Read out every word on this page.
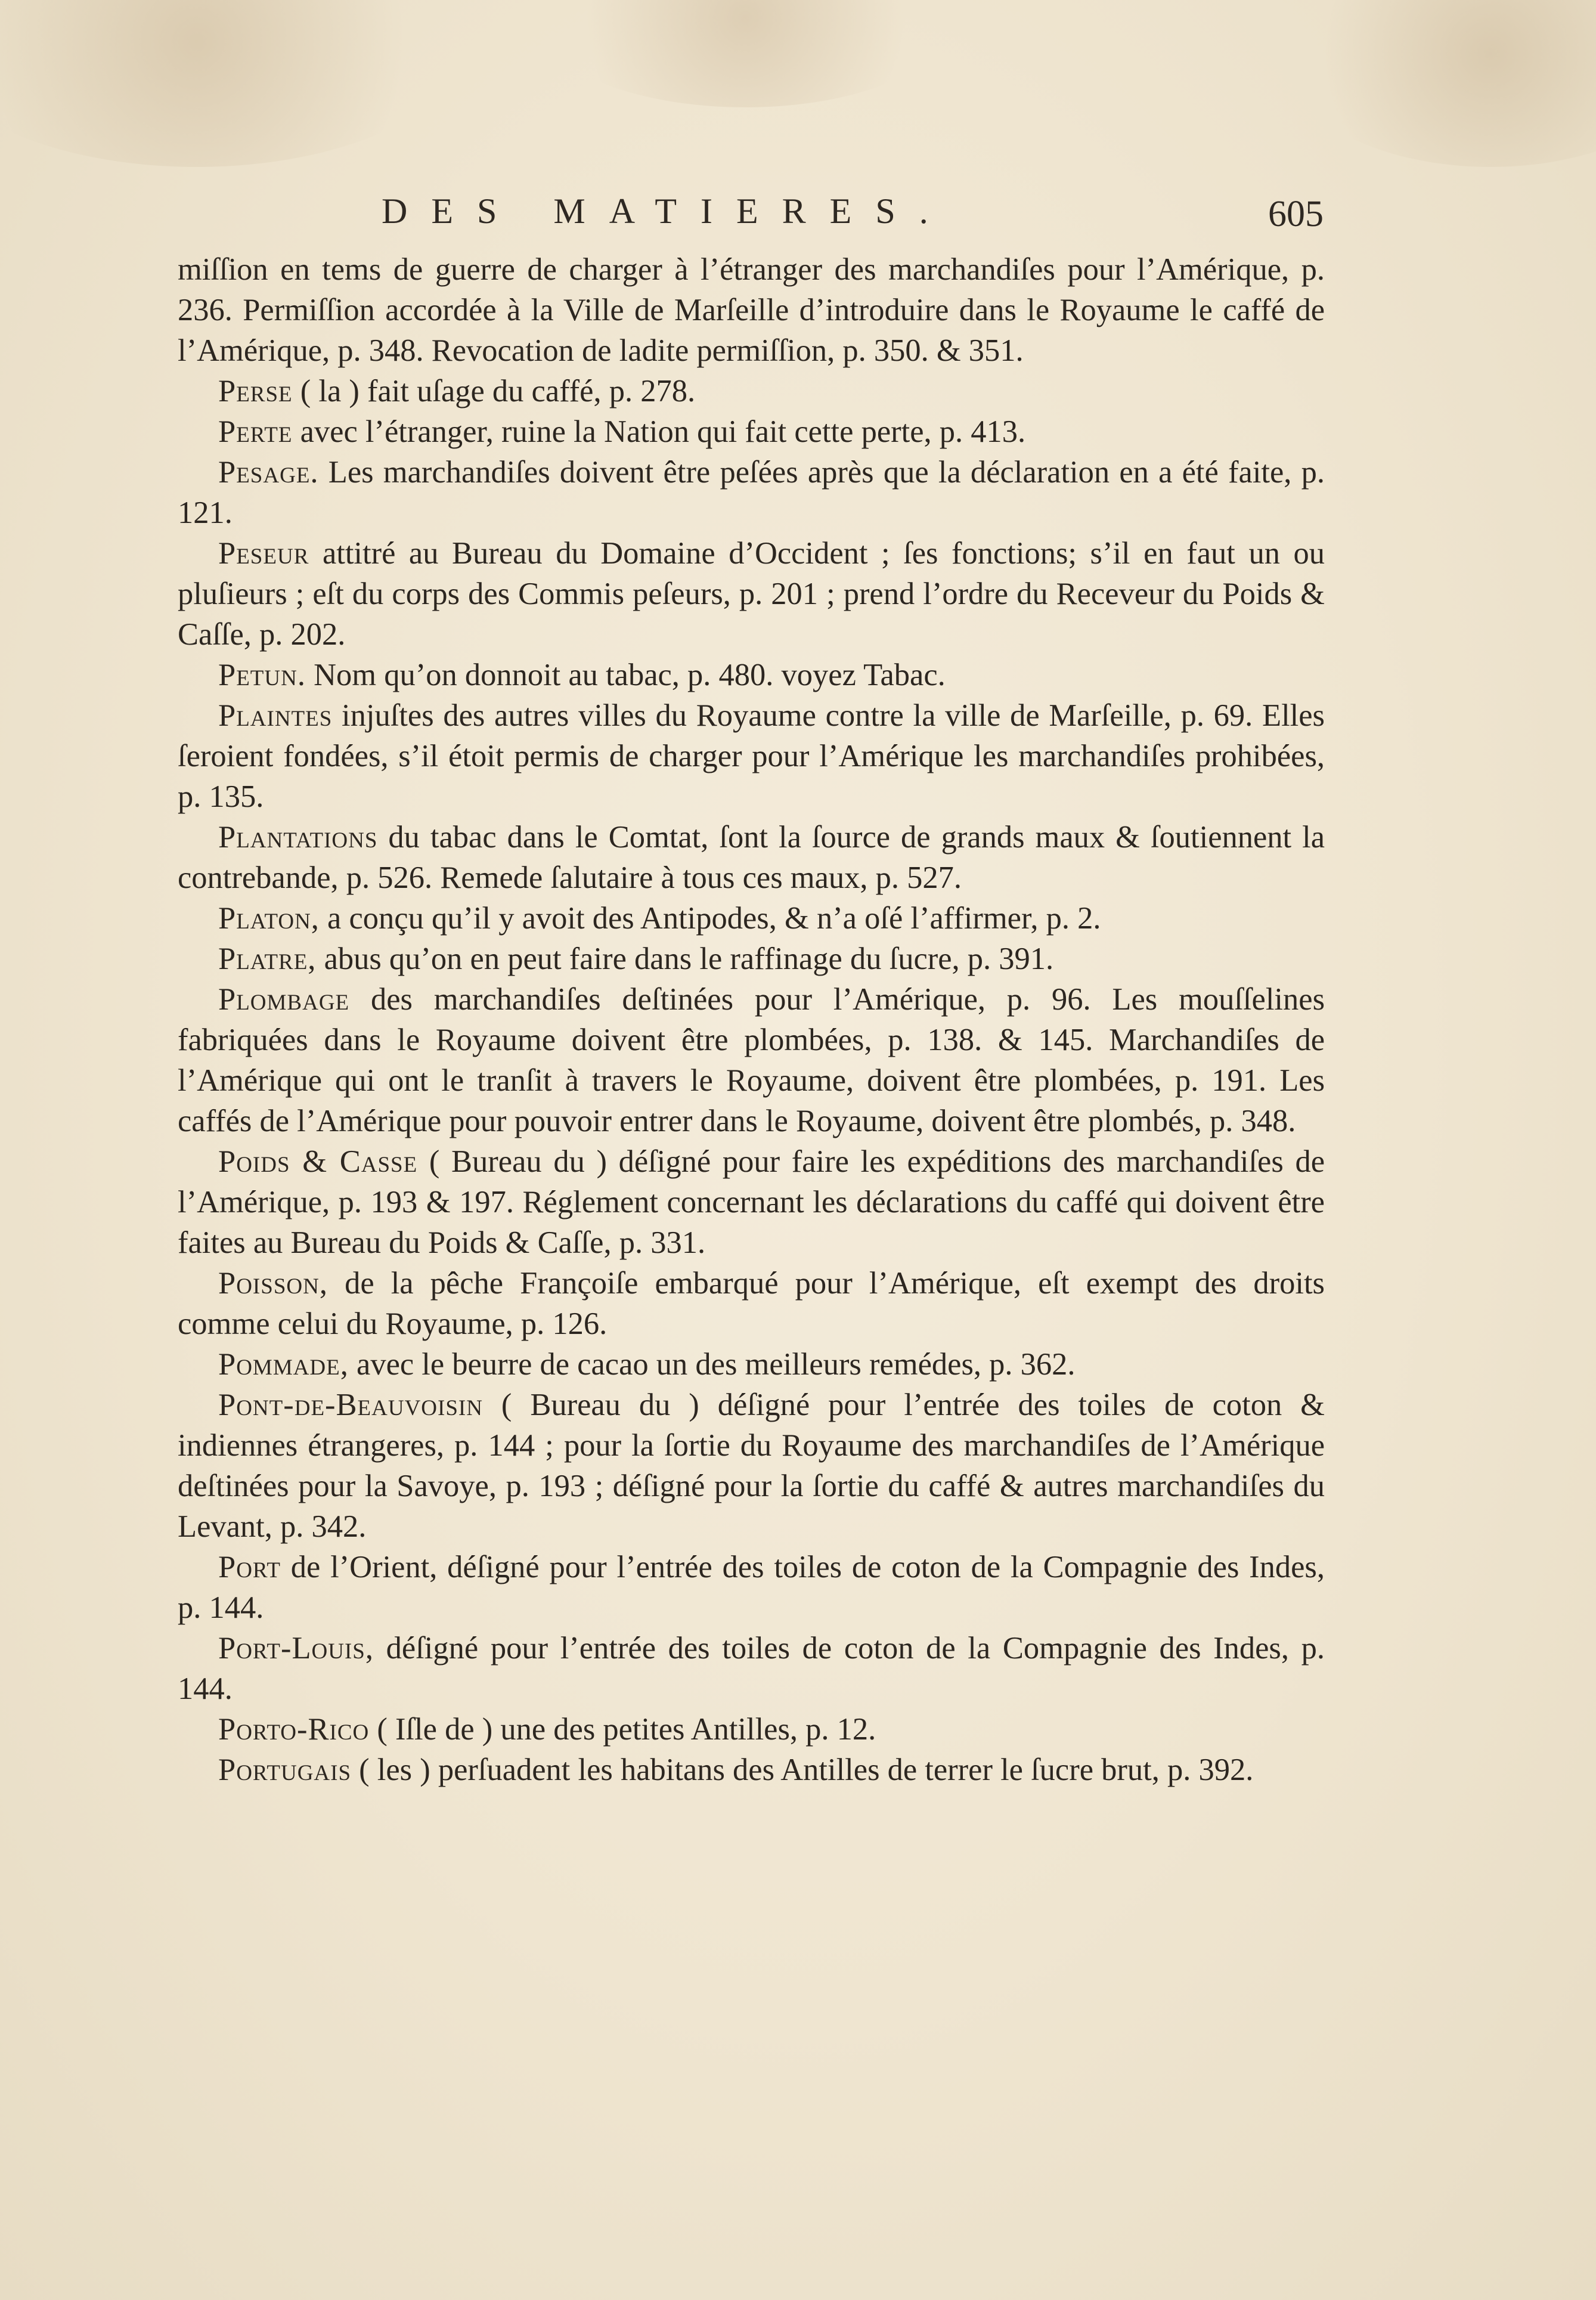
DES MATIERES.	605

miſſion en tems de guerre de charger à l’étranger des marchandiſes pour l’Amérique, p. 236. Permiſſion accordée à la Ville de Marſeille d’introduire dans le Royaume le caffé de l’Amérique, p. 348. Revocation de ladite permiſſion, p. 350. & 351.

Perse ( la ) fait uſage du caffé, p. 278.

Perte avec l’étranger, ruine la Nation qui fait cette perte, p. 413.

Pesage. Les marchandiſes doivent être peſées après que la déclaration en a été faite, p. 121.

Peseur attitré au Bureau du Domaine d’Occident ; ſes fonctions; s’il en faut un ou pluſieurs ; eſt du corps des Commis peſeurs, p. 201 ; prend l’ordre du Receveur du Poids & Caſſe, p. 202.

Petun. Nom qu’on donnoit au tabac, p. 480. voyez Tabac.

Plaintes injuſtes des autres villes du Royaume contre la ville de Marſeille, p. 69. Elles ſeroient fondées, s’il étoit permis de charger pour l’Amérique les marchandiſes prohibées, p. 135.

Plantations du tabac dans le Comtat, ſont la ſource de grands maux & ſoutiennent la contrebande, p. 526. Remede ſalutaire à tous ces maux, p. 527.

Platon, a conçu qu’il y avoit des Antipodes, & n’a oſé l’affirmer, p. 2.

Platre, abus qu’on en peut faire dans le raffinage du ſucre, p. 391.

Plombage des marchandiſes deſtinées pour l’Amérique, p. 96. Les mouſſelines fabriquées dans le Royaume doivent être plombées, p. 138. & 145. Marchandiſes de l’Amérique qui ont le tranſit à travers le Royaume, doivent être plombées, p. 191. Les caffés de l’Amérique pour pouvoir entrer dans le Royaume, doivent être plombés, p. 348.

Poids & Casse ( Bureau du ) déſigné pour faire les expéditions des marchandiſes de l’Amérique, p. 193 & 197. Réglement concernant les déclarations du caffé qui doivent être faites au Bureau du Poids & Caſſe, p. 331.

Poisson, de la pêche Françoiſe embarqué pour l’Amérique, eſt exempt des droits comme celui du Royaume, p. 126.

Pommade, avec le beurre de cacao un des meilleurs remédes, p. 362.

Pont-de-Beauvoisin ( Bureau du ) déſigné pour l’entrée des toiles de coton & indiennes étrangeres, p. 144 ; pour la ſortie du Royaume des marchandiſes de l’Amérique deſtinées pour la Savoye, p. 193 ; déſigné pour la ſortie du caffé & autres marchandiſes du Levant, p. 342.

Port de l’Orient, déſigné pour l’entrée des toiles de coton de la Compagnie des Indes, p. 144.

Port-Louis, déſigné pour l’entrée des toiles de coton de la Compagnie des Indes, p. 144.

Porto-Rico ( Iſle de ) une des petites Antilles, p. 12.

Portugais ( les ) perſuadent les habitans des Antilles de terrer le ſucre brut, p. 392.
